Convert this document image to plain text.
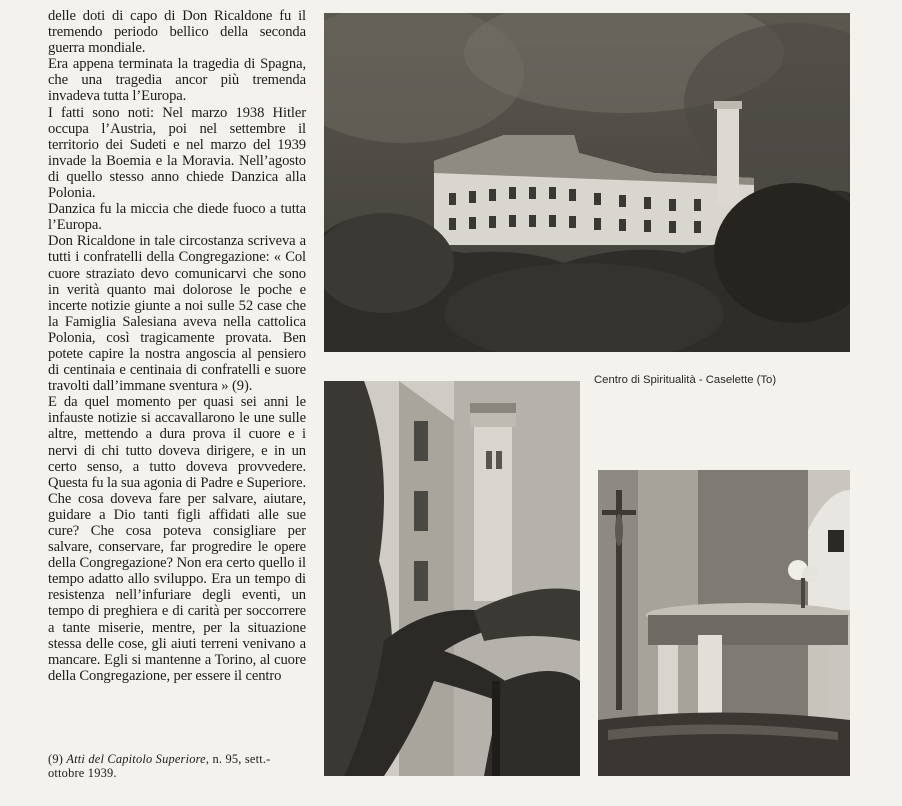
delle doti di capo di Don Ricaldone fu il tremendo periodo bellico della seconda guerra mondiale.

Era appena terminata la tragedia di Spagna, che una tragedia ancor più tremenda invadeva tutta l’Europa.

I fatti sono noti: Nel marzo 1938 Hitler occupa l’Austria, poi nel settembre il territorio dei Sudeti e nel marzo del 1939 invade la Boemia e la Moravia. Nell’agosto di quello stesso anno chiede Danzica alla Polonia.

Danzica fu la miccia che diede fuoco a tutta l’Europa.

Don Ricaldone in tale circostanza scriveva a tutti i confratelli della Congregazione: « Col cuore straziato devo comunicarvi che sono in verità quanto mai dolorose le poche e incerte notizie giunte a noi sulle 52 case che la Famiglia Salesiana aveva nella cattolica Polonia, così tragicamente provata. Ben potete capire la nostra angoscia al pensiero di centinaia e centinaia di confratelli e suore travolti dall’immane sventura » (9).

E da quel momento per quasi sei anni le infauste notizie si accavallarono le une sulle altre, mettendo a dura prova il cuore e i nervi di chi tutto doveva dirigere, e in un certo senso, a tutto doveva provvedere. Questa fu la sua agonia di Padre e Superiore. Che cosa doveva fare per salvare, aiutare, guidare a Dio tanti figli affidati alle sue cure? Che cosa poteva consigliare per salvare, conservare, far progredire le opere della Congregazione? Non era certo quello il tempo adatto allo sviluppo. Era un tempo di resistenza nell’infuriare degli eventi, un tempo di preghiera e di carità per soccorrere a tante miserie, mentre, per la situazione stessa delle cose, gli aiuti terreni venivano a mancare. Egli si mantenne a Torino, al cuore della Congregazione, per essere il centro

(9) Atti del Capitolo Superiore, n. 95, sett.-ottobre 1939.
Centro di Spiritualità - Caselette (To)
